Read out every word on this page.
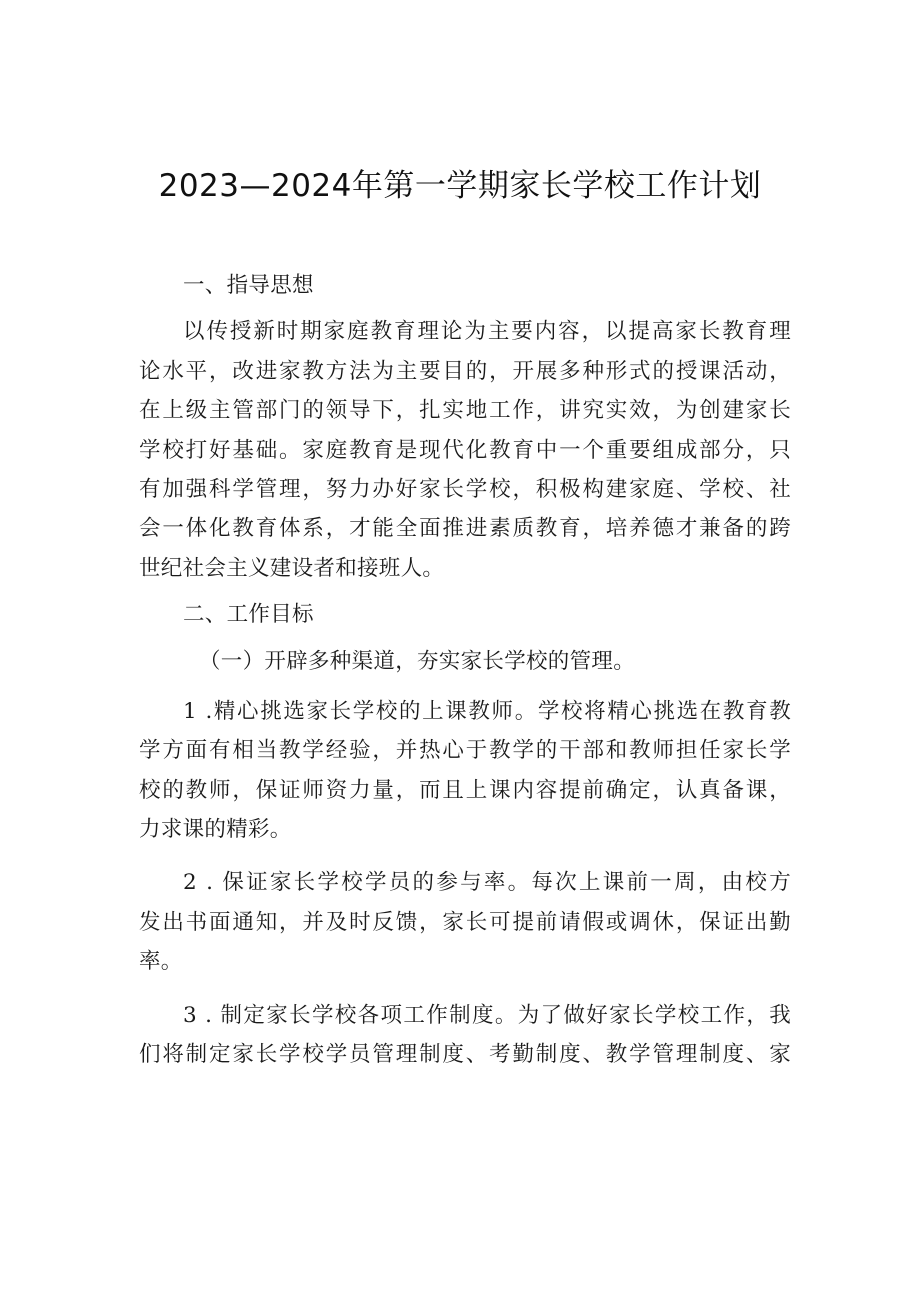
2023—2024年第一学期家长学校工作计划
一、指导思想
以传授新时期家庭教育理论为主要内容，以提高家长教育理
论水平，改进家教方法为主要目的，开展多种形式的授课活动，
在上级主管部门的领导下，扎实地工作，讲究实效，为创建家长
学校打好基础。家庭教育是现代化教育中一个重要组成部分，只
有加强科学管理，努力办好家长学校，积极构建家庭、学校、社
会一体化教育体系，才能全面推进素质教育，培养德才兼备的跨
世纪社会主义建设者和接班人。
二、工作目标
（一）开辟多种渠道，夯实家长学校的管理。
1 .精心挑选家长学校的上课教师。学校将精心挑选在教育教
学方面有相当教学经验，并热心于教学的干部和教师担任家长学
校的教师，保证师资力量，而且上课内容提前确定，认真备课，
力求课的精彩。
2 . 保证家长学校学员的参与率。每次上课前一周，由校方
发出书面通知，并及时反馈，家长可提前请假或调休，保证出勤
率。
3 . 制定家长学校各项工作制度。为了做好家长学校工作，我
们将制定家长学校学员管理制度、考勤制度、教学管理制度、家
